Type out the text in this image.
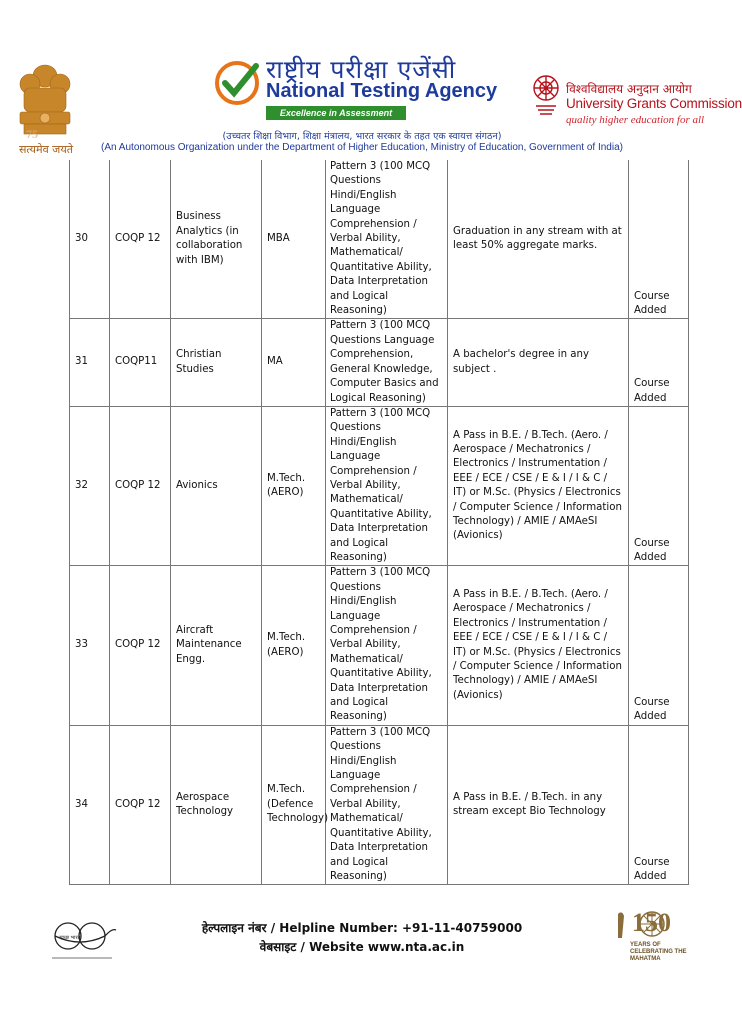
75
सत्यमेव जयते
राष्ट्रीय परीक्षा एजेंसी
National Testing Agency
Excellence in Assessment
विश्वविद्यालय अनुदान आयोग
University Grants Commission
quality higher education for all
(उच्चतर शिक्षा विभाग, शिक्षा मंत्रालय, भारत सरकार के तहत एक स्वायत्त संगठन)
(An Autonomous Organization under the Department of Higher Education, Ministry of Education, Government of India)
30	COQP 12	Business Analytics (in collaboration with IBM)	MBA	Pattern 3 (100 MCQ Questions Hindi/English Language Comprehension / Verbal Ability, Mathematical/ Quantitative Ability, Data Interpretation and Logical Reasoning)	Graduation in any stream with at least 50% aggregate marks.	Course Added
31	COQP11	Christian Studies	MA	Pattern 3 (100 MCQ Questions Language Comprehension, General Knowledge, Computer Basics and Logical Reasoning)	A bachelor's degree in any subject .	Course Added
32	COQP 12	Avionics	M.Tech. (AERO)	Pattern 3 (100 MCQ Questions Hindi/English Language Comprehension / Verbal Ability, Mathematical/ Quantitative Ability, Data Interpretation and Logical Reasoning)	A Pass in B.E. / B.Tech. (Aero. / Aerospace / Mechatronics / Electronics / Instrumentation / EEE / ECE / CSE / E & I / I & C / IT) or M.Sc. (Physics / Electronics / Computer Science / Information Technology) / AMIE / AMAeSI (Avionics)	Course Added
33	COQP 12	Aircraft Maintenance Engg.	M.Tech. (AERO)	Pattern 3 (100 MCQ Questions Hindi/English Language Comprehension / Verbal Ability, Mathematical/ Quantitative Ability, Data Interpretation and Logical Reasoning)	A Pass in B.E. / B.Tech. (Aero. / Aerospace / Mechatronics / Electronics / Instrumentation / EEE / ECE / CSE / E & I / I & C / IT) or M.Sc. (Physics / Electronics / Computer Science / Information Technology) / AMIE / AMAeSI (Avionics)	Course Added
34	COQP 12	Aerospace Technology	M.Tech. (Defence Technology)	Pattern 3 (100 MCQ Questions Hindi/English Language Comprehension / Verbal Ability, Mathematical/ Quantitative Ability, Data Interpretation and Logical Reasoning)	A Pass in B.E. / B.Tech. in any stream except Bio Technology	Course Added
स्वच्छ भारत
हेल्पलाइन नंबर / Helpline Number: +91-11-40759000
वेबसाइट / Website www.nta.ac.in
150
YEARS OF CELEBRATING THE MAHATMA
